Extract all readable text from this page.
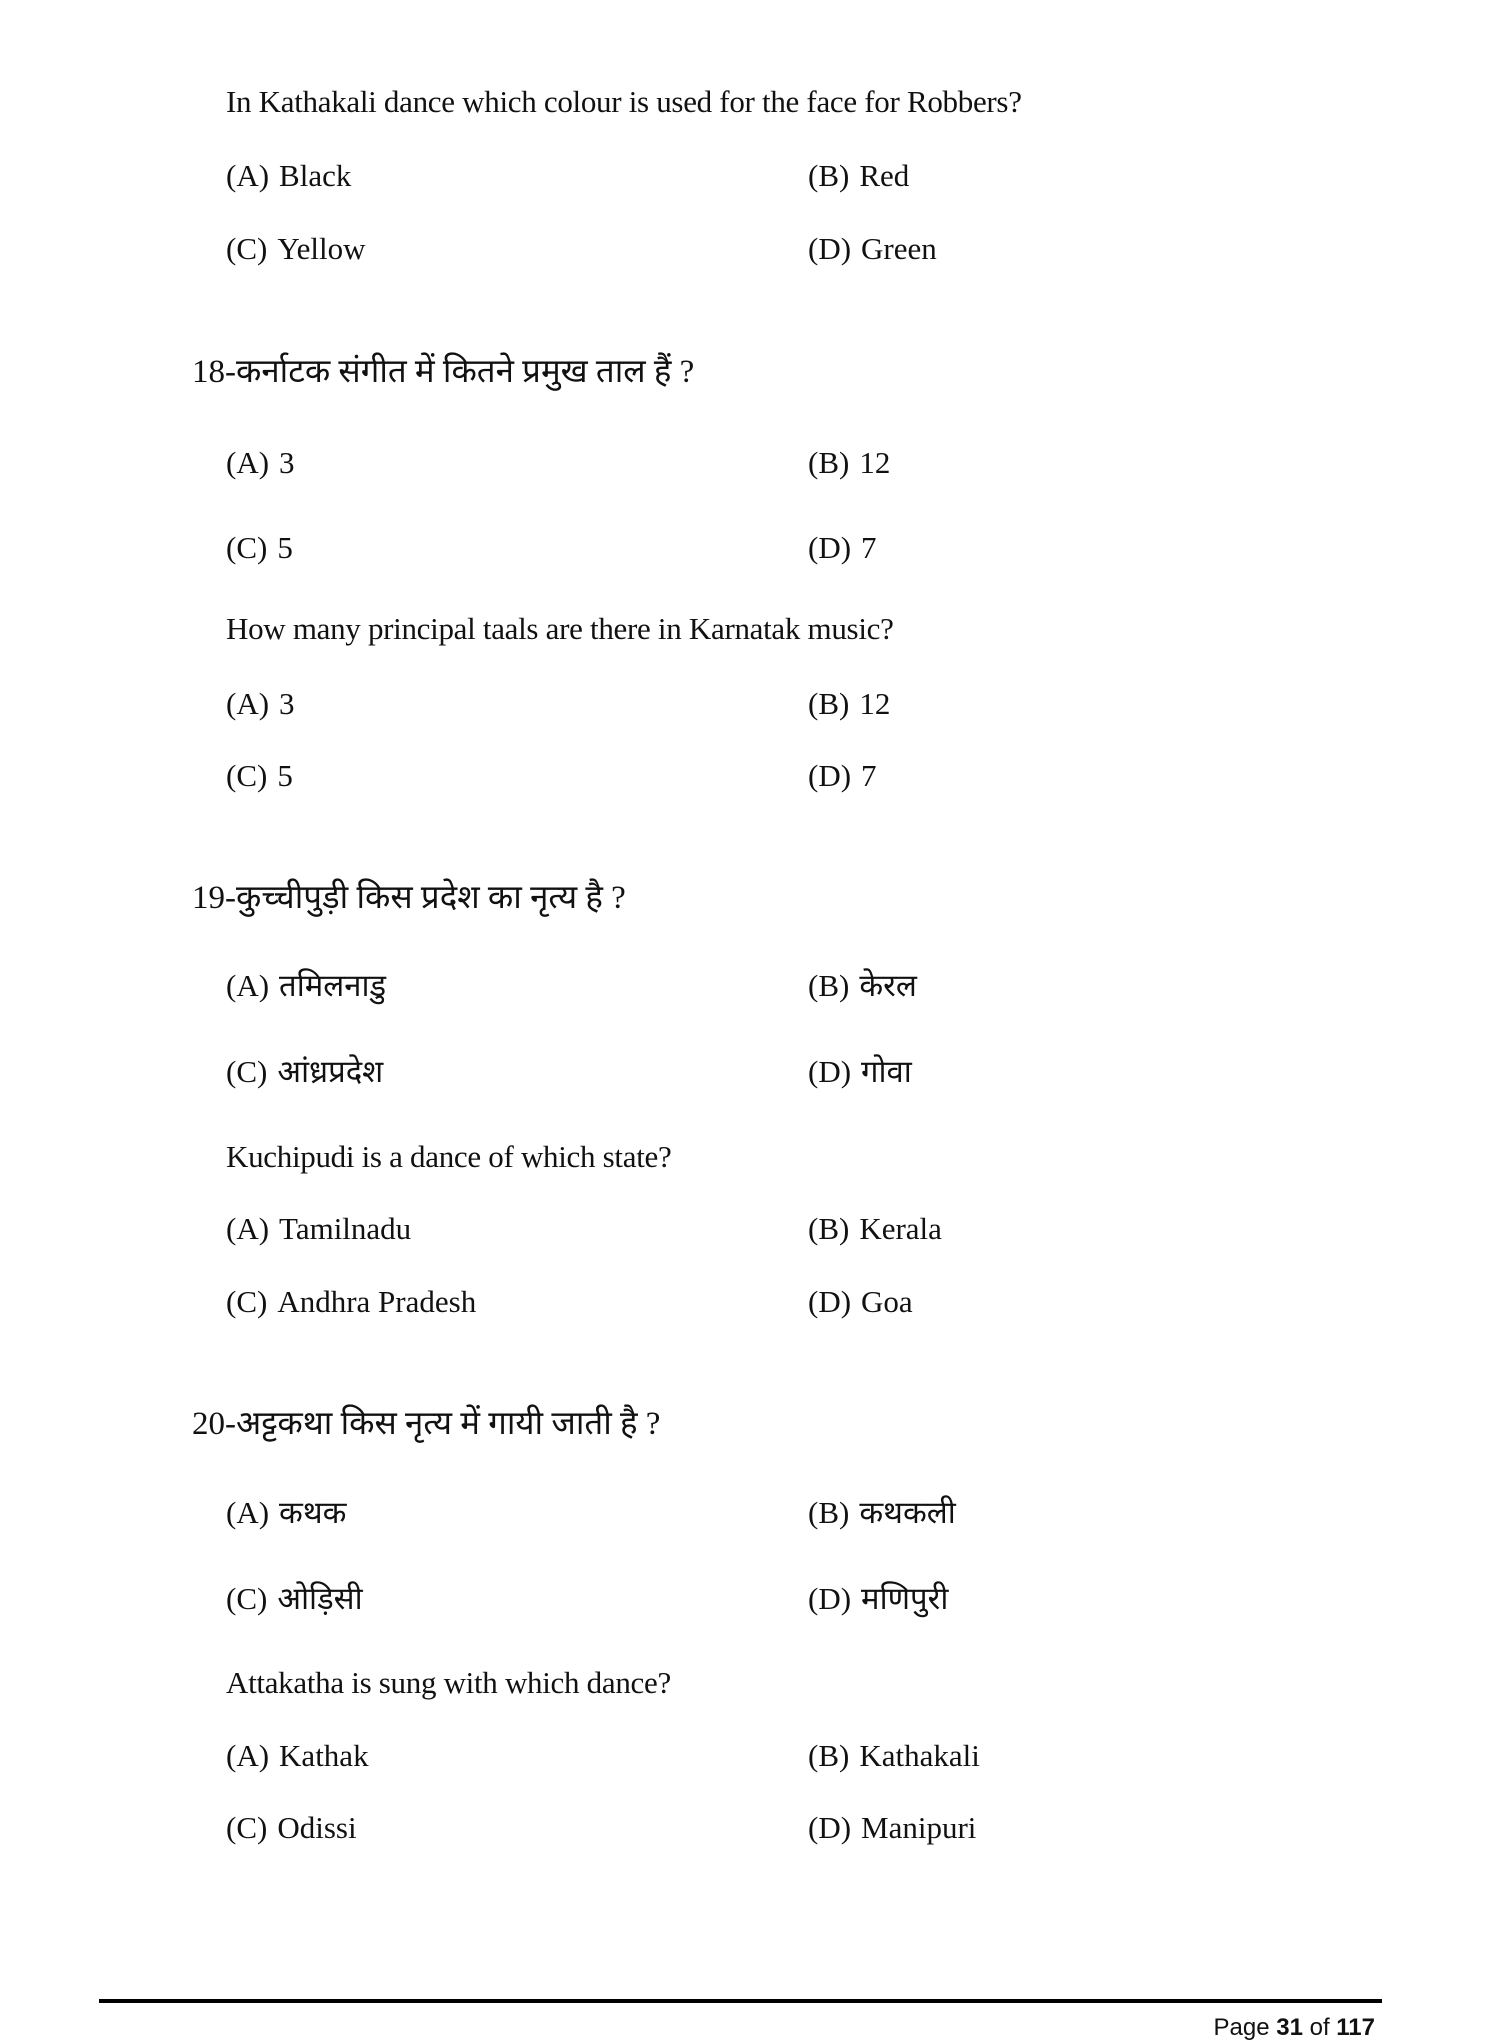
In Kathakali dance which colour is used for the face for Robbers?
(A) Black	(B) Red
(C) Yellow	(D) Green
18-कर्नाटक संगीत में कितने प्रमुख ताल हैं ?
(A) 3	(B) 12
(C) 5	(D) 7
How many principal taals are there in Karnatak music?
(A) 3	(B) 12
(C) 5	(D) 7
19-कुच्चीपुड़ी किस प्रदेश का नृत्य है ?
(A) तमिलनाडु	(B) केरल
(C) आंध्रप्रदेश	(D) गोवा
Kuchipudi is a dance of which state?
(A) Tamilnadu	(B) Kerala
(C) Andhra Pradesh	(D) Goa
20-अट्टकथा किस नृत्य में गायी जाती है ?
(A) कथक	(B) कथकली
(C) ओड़िसी	(D) मणिपुरी
Attakatha is sung with which dance?
(A) Kathak	(B) Kathakali
(C) Odissi	(D) Manipuri
Page 31 of 117
